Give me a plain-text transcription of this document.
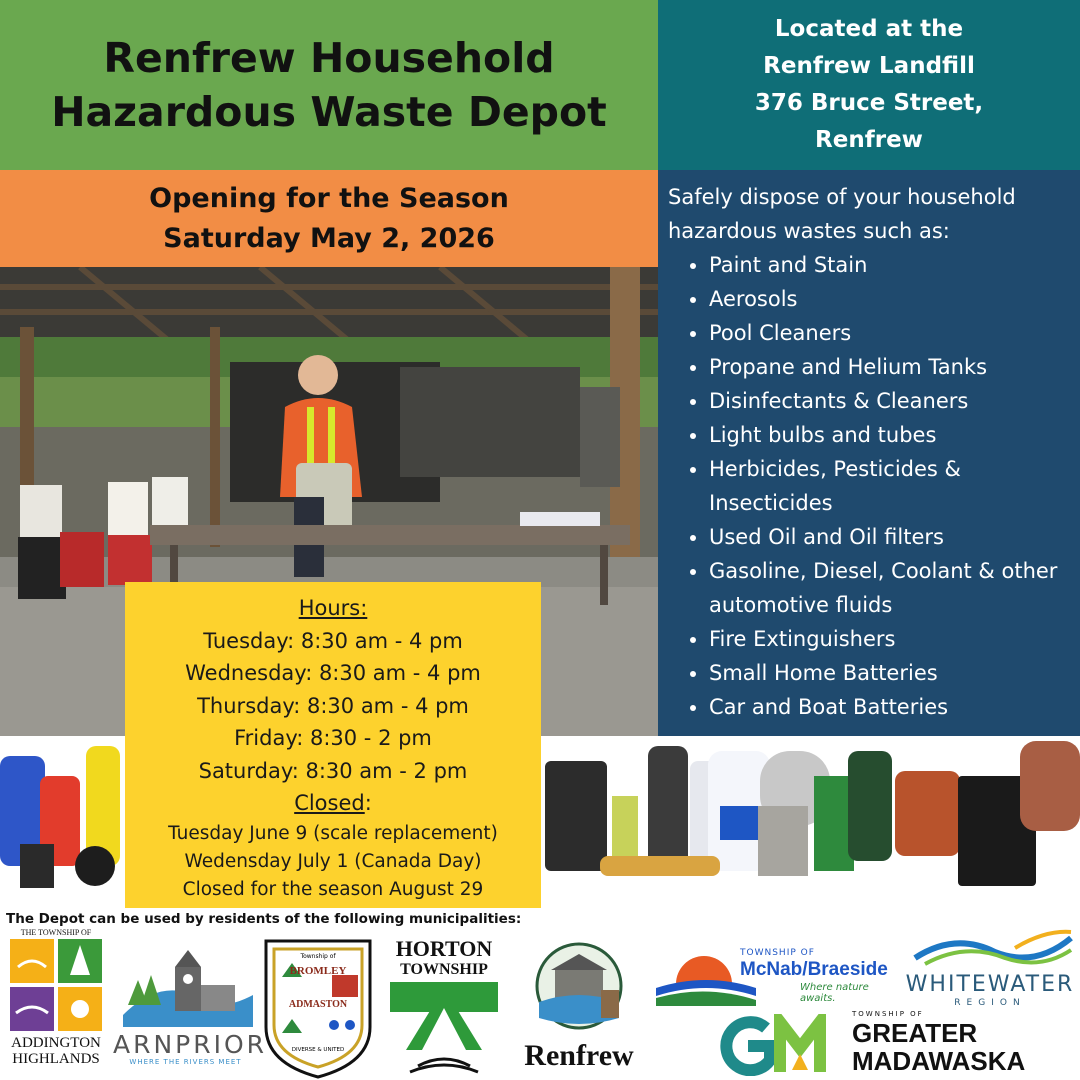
Renfrew Household
Hazardous Waste Depot
Located at the
Renfrew Landfill
376 Bruce Street,
Renfrew
Opening for the Season
Saturday May 2, 2026

Safely dispose of your household hazardous wastes such as:

Paint and Stain
Aerosols
Pool Cleaners
Propane and Helium Tanks
Disinfectants & Cleaners
Light bulbs and tubes
Herbicides, Pesticides & Insecticides
Used Oil and Oil filters
Gasoline, Diesel, Coolant & other automotive fluids
Fire Extinguishers
Small Home Batteries
Car and Boat Batteries
Hours:
Tuesday: 8:30 am - 4 pm
Wednesday: 8:30 am - 4 pm
Thursday: 8:30 am - 4 pm
Friday: 8:30 - 2 pm
Saturday: 8:30 am - 2 pm
Closed:
Tuesday June 9 (scale replacement)
Wedensday July 1 (Canada Day)
Closed for the season August 29
The Depot can be used by residents of the following municipalities:
THE TOWNSHIP OF
ADDINGTON
HIGHLANDS ARNPRIOR
WHERE THE RIVERS MEET
Township of
BROMLEY
ADMASTON
DIVERSE & UNITED
HORTON
TOWNSHIP
Renfrew
TOWNSHIP OF
McNab/Braeside
Where nature awaits.
WHITEWATER
REGION
TOWNSHIP OF
GREATER
MADAWASKA
